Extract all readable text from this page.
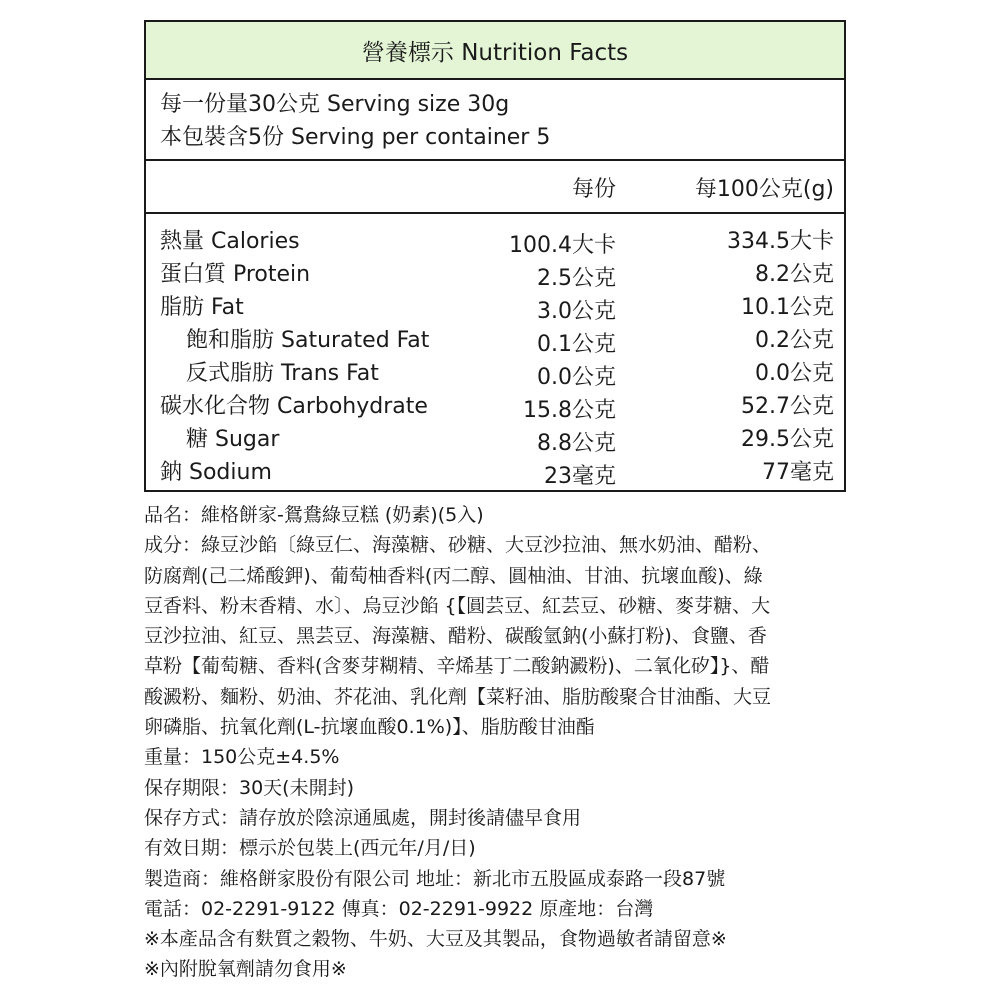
營養標示 Nutrition Facts
每一份量30公克 Serving size 30g
本包裝含5份 Serving per container 5
每份	每100公克(g)
熱量 Calories	100.4大卡	334.5大卡
蛋白質 Protein	2.5公克	8.2公克
脂肪 Fat	3.0公克	10.1公克
飽和脂肪 Saturated Fat	0.1公克	0.2公克
反式脂肪 Trans Fat	0.0公克	0.0公克
碳水化合物 Carbohydrate	15.8公克	52.7公克
糖 Sugar	8.8公克	29.5公克
鈉 Sodium	23毫克	77毫克

品名：維格餅家-鴛鴦綠豆糕 (奶素)(5入)

成分：綠豆沙餡〔綠豆仁、海藻糖、砂糖、大豆沙拉油、無水奶油、醋粉、

防腐劑(己二烯酸鉀)、葡萄柚香料(丙二醇、圓柚油、甘油、抗壞血酸)、綠

豆香料、粉末香精、水〕、烏豆沙餡 {【圓芸豆、紅芸豆、砂糖、麥芽糖、大

豆沙拉油、紅豆、黑芸豆、海藻糖、醋粉、碳酸氫鈉(小蘇打粉)、食鹽、香

草粉【葡萄糖、香料(含麥芽糊精、辛烯基丁二酸鈉澱粉)、二氧化矽】}、醋

酸澱粉、麵粉、奶油、芥花油、乳化劑【菜籽油、脂肪酸聚合甘油酯、大豆

卵磷脂、抗氧化劑(L-抗壞血酸0.1%)】、脂肪酸甘油酯

重量：150公克±4.5%

保存期限：30天(未開封)

保存方式：請存放於陰涼通風處，開封後請儘早食用

有效日期：標示於包裝上(西元年/月/日)

製造商：維格餅家股份有限公司 地址：新北市五股區成泰路一段87號

電話：02-2291-9122 傳真：02-2291-9922 原產地：台灣

※本產品含有麩質之穀物、牛奶、大豆及其製品，食物過敏者請留意※

※內附脫氧劑請勿食用※
